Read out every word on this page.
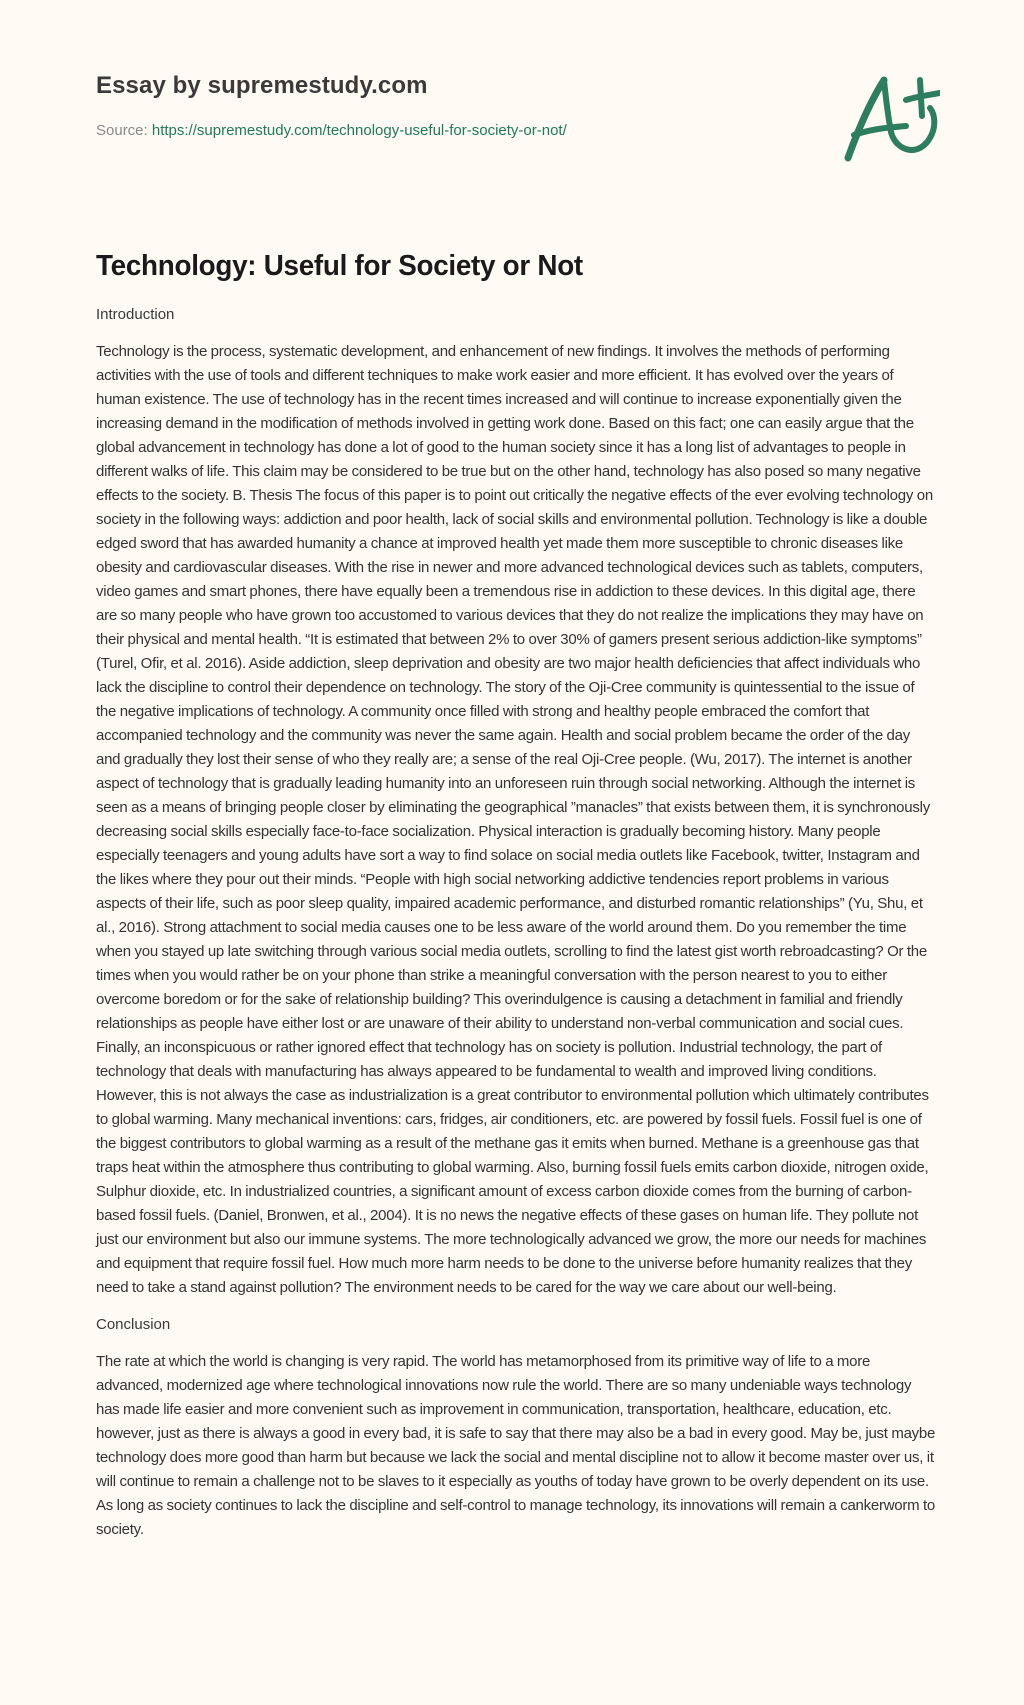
Essay by supremestudy.com
Source: https://supremestudy.com/technology-useful-for-society-or-not/
Technology: Useful for Society or Not
Introduction

Technology is the process, systematic development, and enhancement of new findings. It involves the methods of performing activities with the use of tools and different techniques to make work easier and more efficient. It has evolved over the years of human existence. The use of technology has in the recent times increased and will continue to increase exponentially given the increasing demand in the modification of methods involved in getting work done. Based on this fact; one can easily argue that the global advancement in technology has done a lot of good to the human society since it has a long list of advantages to people in different walks of life. This claim may be considered to be true but on the other hand, technology has also posed so many negative effects to the society. B. Thesis The focus of this paper is to point out critically the negative effects of the ever evolving technology on society in the following ways: addiction and poor health, lack of social skills and environmental pollution. Technology is like a double edged sword that has awarded humanity a chance at improved health yet made them more susceptible to chronic diseases like obesity and cardiovascular diseases. With the rise in newer and more advanced technological devices such as tablets, computers, video games and smart phones, there have equally been a tremendous rise in addiction to these devices. In this digital age, there are so many people who have grown too accustomed to various devices that they do not realize the implications they may have on their physical and mental health. “It is estimated that between 2% to over 30% of gamers present serious addiction-like symptoms” (Turel, Ofir, et al. 2016). Aside addiction, sleep deprivation and obesity are two major health deficiencies that affect individuals who lack the discipline to control their dependence on technology. The story of the Oji-Cree community is quintessential to the issue of the negative implications of technology. A community once filled with strong and healthy people embraced the comfort that accompanied technology and the community was never the same again. Health and social problem became the order of the day and gradually they lost their sense of who they really are; a sense of the real Oji-Cree people. (Wu, 2017). The internet is another aspect of technology that is gradually leading humanity into an unforeseen ruin through social networking. Although the internet is seen as a means of bringing people closer by eliminating the geographical ”manacles” that exists between them, it is synchronously decreasing social skills especially face-to-face socialization. Physical interaction is gradually becoming history. Many people especially teenagers and young adults have sort a way to find solace on social media outlets like Facebook, twitter, Instagram and the likes where they pour out their minds. “People with high social networking addictive tendencies report problems in various aspects of their life, such as poor sleep quality, impaired academic performance, and disturbed romantic relationships” (Yu, Shu, et al., 2016). Strong attachment to social media causes one to be less aware of the world around them. Do you remember the time when you stayed up late switching through various social media outlets, scrolling to find the latest gist worth rebroadcasting? Or the times when you would rather be on your phone than strike a meaningful conversation with the person nearest to you to either overcome boredom or for the sake of relationship building? This overindulgence is causing a detachment in familial and friendly relationships as people have either lost or are unaware of their ability to understand non-verbal communication and social cues. Finally, an inconspicuous or rather ignored effect that technology has on society is pollution. Industrial technology, the part of technology that deals with manufacturing has always appeared to be fundamental to wealth and improved living conditions. However, this is not always the case as industrialization is a great contributor to environmental pollution which ultimately contributes to global warming. Many mechanical inventions: cars, fridges, air conditioners, etc. are powered by fossil fuels. Fossil fuel is one of the biggest contributors to global warming as a result of the methane gas it emits when burned. Methane is a greenhouse gas that traps heat within the atmosphere thus contributing to global warming. Also, burning fossil fuels emits carbon dioxide, nitrogen oxide, Sulphur dioxide, etc. In industrialized countries, a significant amount of excess carbon dioxide comes from the burning of carbon-based fossil fuels. (Daniel, Bronwen, et al., 2004). It is no news the negative effects of these gases on human life. They pollute not just our environment but also our immune systems. The more technologically advanced we grow, the more our needs for machines and equipment that require fossil fuel. How much more harm needs to be done to the universe before humanity realizes that they need to take a stand against pollution? The environment needs to be cared for the way we care about our well-being.

Conclusion

The rate at which the world is changing is very rapid. The world has metamorphosed from its primitive way of life to a more advanced, modernized age where technological innovations now rule the world. There are so many undeniable ways technology has made life easier and more convenient such as improvement in communication, transportation, healthcare, education, etc. however, just as there is always a good in every bad, it is safe to say that there may also be a bad in every good. May be, just maybe technology does more good than harm but because we lack the social and mental discipline not to allow it become master over us, it will continue to remain a challenge not to be slaves to it especially as youths of today have grown to be overly dependent on its use. As long as society continues to lack the discipline and self-control to manage technology, its innovations will remain a cankerworm to society.
